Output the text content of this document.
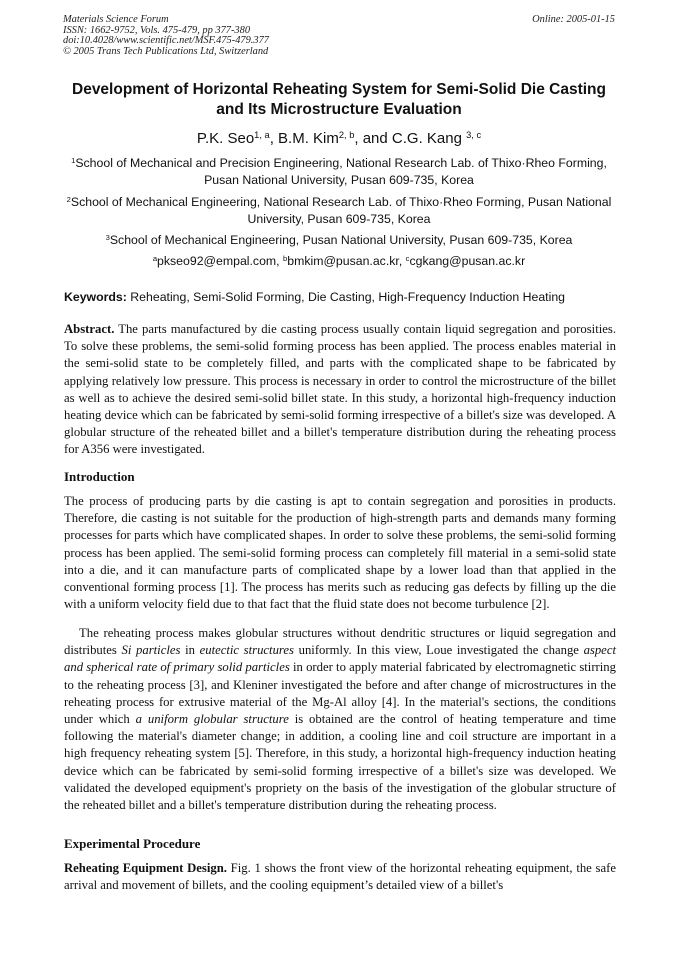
Materials Science Forum	Online: 2005-01-15
ISSN: 1662-9752, Vols. 475-479, pp 377-380
doi:10.4028/www.scientific.net/MSF.475-479.377
© 2005 Trans Tech Publications Ltd, Switzerland
Development of Horizontal Reheating System for Semi-Solid Die Casting
and Its Microstructure Evaluation
P.K. Seo$^{1, a}$, B.M. Kim$^{2, b}$, and C.G. Kang $^{3, c}$
$^1$School of Mechanical and Precision Engineering, National Research Lab. of Thixo·Rheo Forming, Pusan National University, Pusan 609-735, Korea
$^2$School of Mechanical Engineering, National Research Lab. of Thixo·Rheo Forming, Pusan National University, Pusan 609-735, Korea
$^3$School of Mechanical Engineering, Pusan National University, Pusan 609-735, Korea
$^a$pkseo92@empal.com, $^b$bmkim@pusan.ac.kr, $^c$cgkang@pusan.ac.kr
Keywords: Reheating, Semi-Solid Forming, Die Casting, High-Frequency Induction Heating
Abstract. The parts manufactured by die casting process usually contain liquid segregation and porosities. To solve these problems, the semi-solid forming process has been applied. The process enables material in the semi-solid state to be completely filled, and parts with the complicated shape to be fabricated by applying relatively low pressure. This process is necessary in order to control the microstructure of the billet as well as to achieve the desired semi-solid billet state. In this study, a horizontal high-frequency induction heating device which can be fabricated by semi-solid forming irrespective of a billet's size was developed. A globular structure of the reheated billet and a billet's temperature distribution during the reheating process for A356 were investigated.
Introduction
The process of producing parts by die casting is apt to contain segregation and porosities in products. Therefore, die casting is not suitable for the production of high-strength parts and demands many forming processes for parts which have complicated shapes. In order to solve these problems, the semi-solid forming process has been applied. The semi-solid forming process can completely fill material in a semi-solid state into a die, and it can manufacture parts of complicated shape by a lower load than that applied in the conventional forming process [1]. The process has merits such as reducing gas defects by filling up the die with a uniform velocity field due to that fact that the fluid state does not become turbulence [2].
The reheating process makes globular structures without dendritic structures or liquid segregation and distributes Si particles in eutectic structures uniformly. In this view, Loue investigated the change aspect and spherical rate of primary solid particles in order to apply material fabricated by electromagnetic stirring to the reheating process [3], and Kleniner investigated the before and after change of microstructures in the reheating process for extrusive material of the Mg-Al alloy [4]. In the material's sections, the conditions under which a uniform globular structure is obtained are the control of heating temperature and time following the material's diameter change; in addition, a cooling line and coil structure are important in a high frequency reheating system [5]. Therefore, in this study, a horizontal high-frequency induction heating device which can be fabricated by semi-solid forming irrespective of a billet's size was developed. We validated the developed equipment's propriety on the basis of the investigation of the globular structure of the reheated billet and a billet's temperature distribution during the reheating process.
Experimental Procedure
Reheating Equipment Design. Fig. 1 shows the front view of the horizontal reheating equipment, the safe arrival and movement of billets, and the cooling equipment’s detailed view of a billet's
